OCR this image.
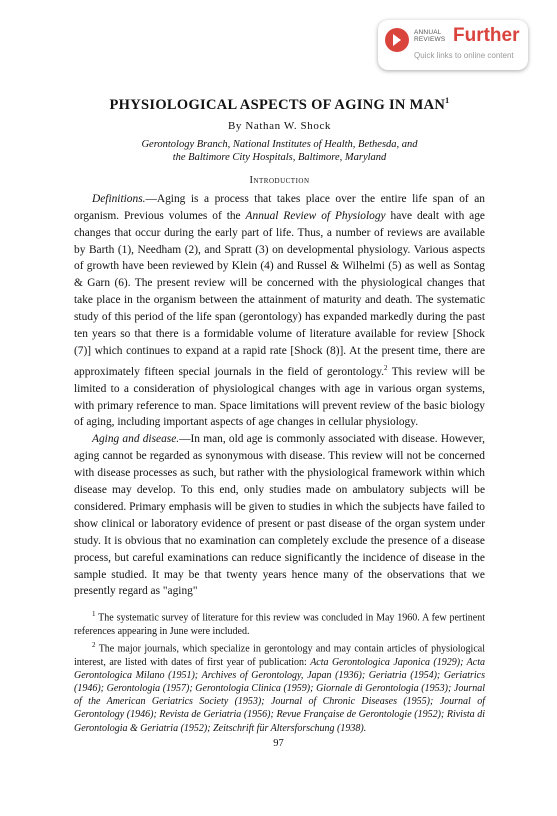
ANNUAL
REVIEWS Further
Quick links to online content
PHYSIOLOGICAL ASPECTS OF AGING IN MAN$^1$
By Nathan W. Shock
Gerontology Branch, National Institutes of Health, Bethesda, and
the Baltimore City Hospitals, Baltimore, Maryland
Introduction

Definitions.—Aging is a process that takes place over the entire life span of an organism. Previous volumes of the Annual Review of Physiology have dealt with age changes that occur during the early part of life. Thus, a number of reviews are available by Barth (1), Needham (2), and Spratt (3) on developmental physiology. Various aspects of growth have been reviewed by Klein (4) and Russel & Wilhelmi (5) as well as Sontag & Garn (6). The present review will be concerned with the physiological changes that take place in the organism between the attainment of maturity and death. The systematic study of this period of the life span (gerontology) has expanded markedly during the past ten years so that there is a formidable volume of literature available for review [Shock (7)] which continues to expand at a rapid rate [Shock (8)]. At the present time, there are approximately fifteen special journals in the field of gerontology.$^2$ This review will be limited to a consideration of physiological changes with age in various organ systems, with primary reference to man. Space limitations will prevent review of the basic biology of aging, including important aspects of age changes in cellular physiology.

Aging and disease.—In man, old age is commonly associated with disease. However, aging cannot be regarded as synonymous with disease. This review will not be concerned with disease processes as such, but rather with the physiological framework within which disease may develop. To this end, only studies made on ambulatory subjects will be considered. Primary emphasis will be given to studies in which the subjects have failed to show clinical or laboratory evidence of present or past disease of the organ system under study. It is obvious that no examination can completely exclude the presence of a disease process, but careful examinations can reduce significantly the incidence of disease in the sample studied. It may be that twenty years hence many of the observations that we presently regard as "aging"

$^1$ The systematic survey of literature for this review was concluded in May 1960. A few pertinent references appearing in June were included.

$^2$ The major journals, which specialize in gerontology and may contain articles of physiological interest, are listed with dates of first year of publication: Acta Gerontologica Japonica (1929); Acta Gerontologica Milano (1951); Archives of Gerontology, Japan (1936); Geriatria (1954); Geriatrics (1946); Gerontologia (1957); Gerontologia Clinica (1959); Giornale di Gerontologia (1953); Journal of the American Geriatrics Society (1953); Journal of Chronic Diseases (1955); Journal of Gerontology (1946); Revista de Geriatria (1956); Revue Française de Gerontologie (1952); Rivista di Gerontologia & Geriatria (1952); Zeitschrift für Altersforschung (1938).

97
